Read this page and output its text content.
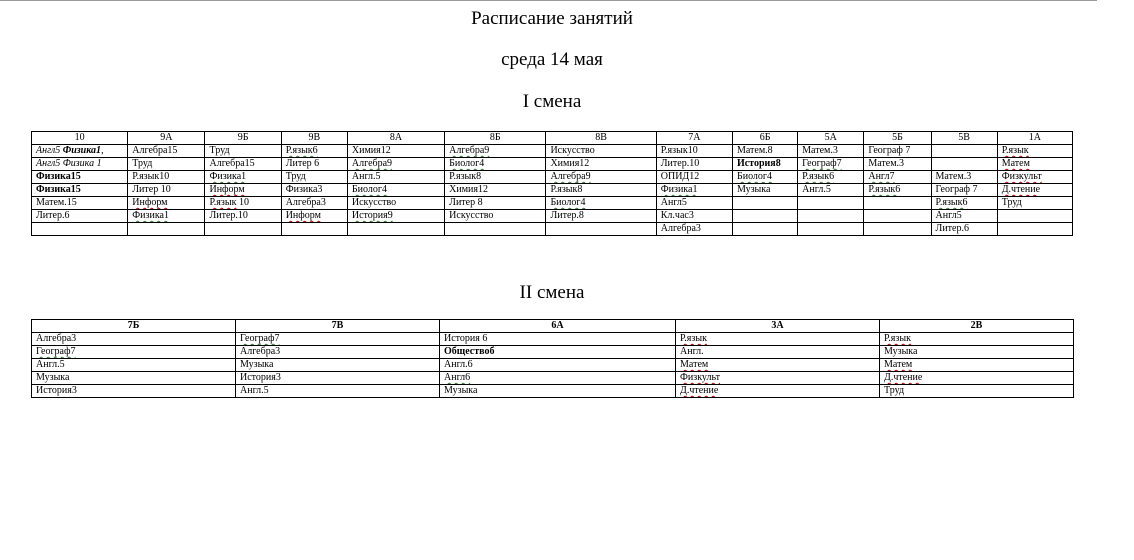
Расписание занятий
среда 14 мая
I смена
10	9А	9Б	9В	8А	8Б	8В	7А	6Б	5А	5Б	5В	1А
Англ5 Физика1,	Алгебра15	Труд	Р.язык6	Химия12	Алгебра9	Искусство	Р.язык10	Матем.8	Матем.3	Географ 7		Р.язык
Англ5 Физика 1	Труд	Алгебра15	Литер 6	Алгебра9	Биолог4	Химия12	Литер.10	История8	Географ7	Матем.3		Матем
Физика15	Р.язык10	Физика1	Труд	Англ.5	Р.язык8	Алгебра9	ОПИД12	Биолог4	Р.язык6	Англ7	Матем.3	Физкульт
Физика15	Литер 10	Информ	Физика3	Биолог4	Химия12	Р.язык8	Физика1	Музыка	Англ.5	Р.язык6	Географ 7	Д.чтение
Матем.15	Информ	Р.язык 10	Алгебра3	Искусство	Литер 8	Биолог4	Англ5				Р.язык6	Труд
Литер.6	Физика1	Литер.10	Информ	История9	Искусство	Литер.8	Кл.час3				Англ5	
							Алгебра3				Литер.6	
II смена
7Б	7В	6А	3А	2В
Алгебра3	Географ7	История 6	Р.язык	Р.язык
Географ7	Алгебра3	Обществоб	Англ.	Музыка
Англ.5	Музыка	Англ.6	Матем	Матем
Музыка	История3	Англ6	Физкульт	Д.чтение
История3	Англ.5	Музыка	Д.чтение	Труд
